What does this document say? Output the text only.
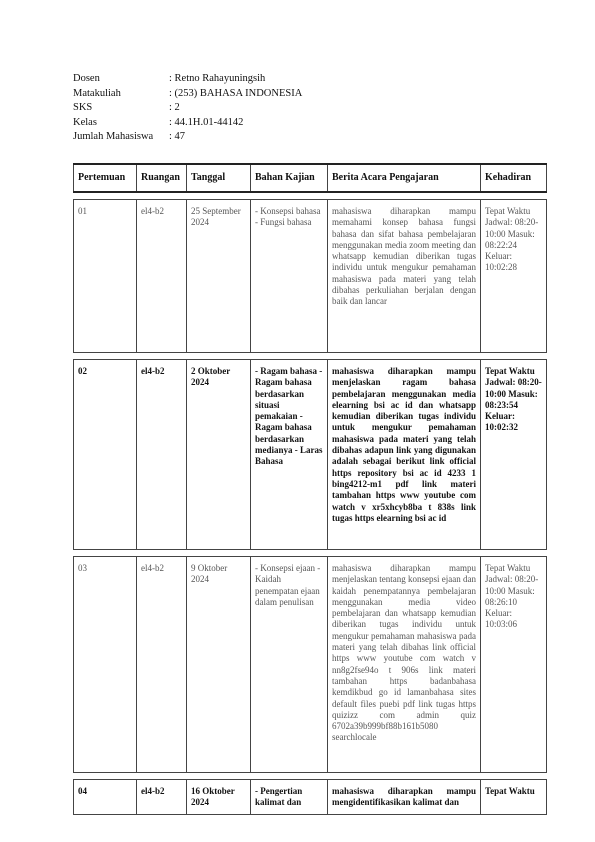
Dosen	: Retno Rahayuningsih
Matakuliah	: (253) BAHASA INDONESIA
SKS	: 2
Kelas	: 44.1H.01-44142
Jumlah Mahasiswa	: 47
Pertemuan	Ruangan	Tanggal	Bahan Kajian	Berita Acara Pengajaran	Kehadiran

01	el4-b2	25 September 2024	- Konsepsi bahasa - Fungsi bahasa	mahasiswa diharapkan mampu memahami konsep bahasa fungsi bahasa dan sifat bahasa pembelajaran menggunakan media zoom meeting dan whatsapp kemudian diberikan tugas individu untuk mengukur pemahaman mahasiswa pada materi yang telah dibahas perkuliahan berjalan dengan baik dan lancar	Tepat Waktu Jadwal: 08:20-10:00 Masuk: 08:22:24 Keluar: 10:02:28

02	el4-b2	2 Oktober 2024	- Ragam bahasa - Ragam bahasa berdasarkan situasi pemakaian - Ragam bahasa berdasarkan medianya - Laras Bahasa	mahasiswa diharapkan mampu menjelaskan ragam bahasa pembelajaran menggunakan media elearning bsi ac id dan whatsapp kemudian diberikan tugas individu untuk mengukur pemahaman mahasiswa pada materi yang telah dibahas adapun link yang digunakan adalah sebagai berikut link official https repository bsi ac id 4233 1 bing4212-m1 pdf link materi tambahan https www youtube com watch v xr5xhcyb8ba t 838s link tugas https elearning bsi ac id	Tepat Waktu Jadwal: 08:20-10:00 Masuk: 08:23:54 Keluar: 10:02:32

03	el4-b2	9 Oktober 2024	- Konsepsi ejaan - Kaidah penempatan ejaan dalam penulisan	mahasiswa diharapkan mampu menjelaskan tentang konsepsi ejaan dan kaidah penempatannya pembelajaran menggunakan media video pembelajaran dan whatsapp kemudian diberikan tugas individu untuk mengukur pemahaman mahasiswa pada materi yang telah dibahas link official https www youtube com watch v nn8g2fse94o t 906s link materi tambahan https badanbahasa kemdikbud go id lamanbahasa sites default files puebi pdf link tugas https quizizz com admin quiz 6702a39b999bf88b161b5080 searchlocale	Tepat Waktu Jadwal: 08:20-10:00 Masuk: 08:26:10 Keluar: 10:03:06

04	el4-b2	16 Oktober 2024	- Pengertian kalimat dan	mahasiswa diharapkan mampu mengidentifikasikan kalimat dan	Tepat Waktu
